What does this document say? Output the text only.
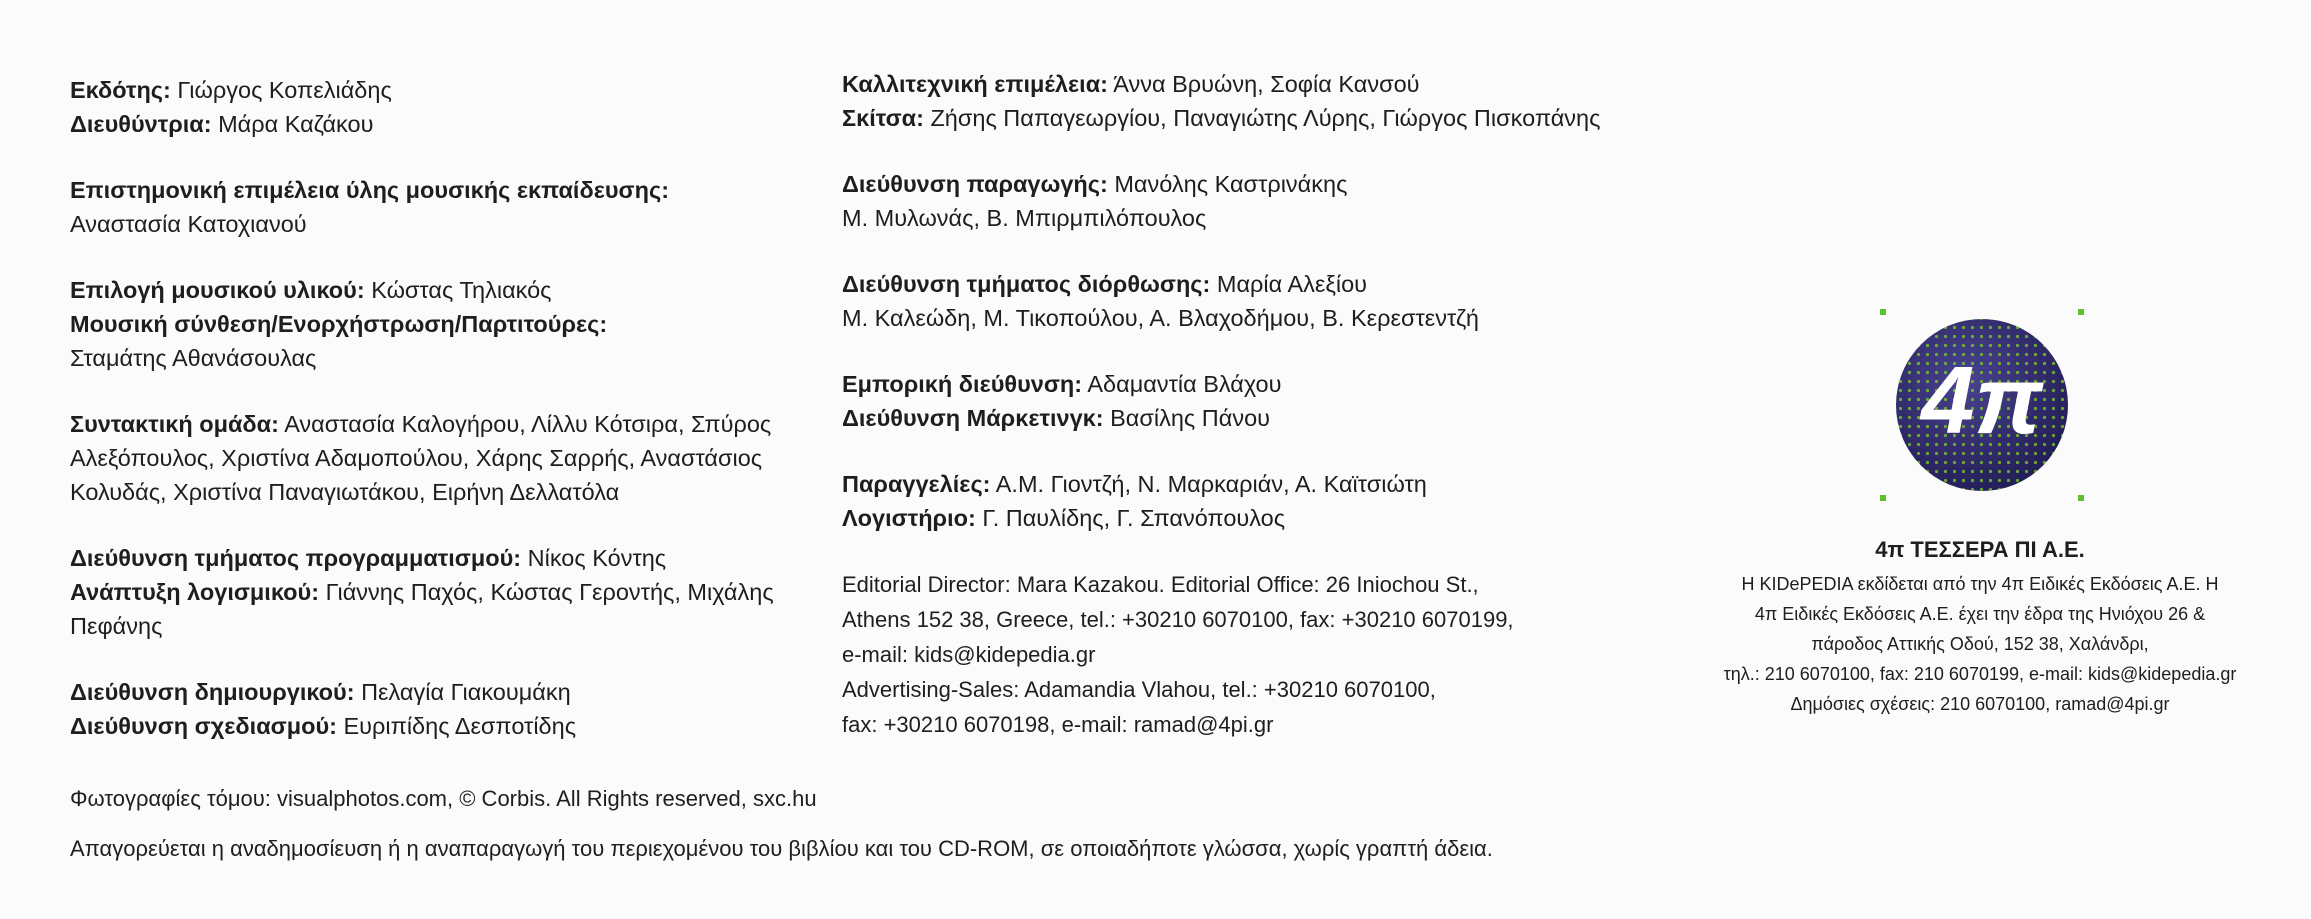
Εκδότης: Γιώργος Κοπελιάδης
Διευθύντρια: Μάρα Καζάκου
Επιστημονική επιμέλεια ύλης μουσικής εκπαίδευσης:
Αναστασία Κατοχιανού
Επιλογή μουσικού υλικού: Κώστας Τηλιακός
Μουσική σύνθεση/Ενορχήστρωση/Παρτιτούρες:
Σταμάτης Αθανάσουλας
Συντακτική ομάδα: Αναστασία Καλογήρου, Λίλλυ Κότσιρα, Σπύρος
Αλεξόπουλος, Χριστίνα Αδαμοπούλου, Χάρης Σαρρής, Αναστάσιος
Κολυδάς, Χριστίνα Παναγιωτάκου, Ειρήνη Δελλατόλα
Διεύθυνση τμήματος προγραμματισμού: Νίκος Κόντης
Ανάπτυξη λογισμικού: Γιάννης Παχός, Κώστας Γεροντής, Μιχάλης
Πεφάνης
Διεύθυνση δημιουργικού: Πελαγία Γιακουμάκη
Διεύθυνση σχεδιασμού: Ευριπίδης Δεσποτίδης
Καλλιτεχνική επιμέλεια: Άννα Βρυώνη, Σοφία Κανσού
Σκίτσα: Ζήσης Παπαγεωργίου, Παναγιώτης Λύρης, Γιώργος Πισκοπάνης
Διεύθυνση παραγωγής: Μανόλης Καστρινάκης
Μ. Μυλωνάς, Β. Μπιρμπιλόπουλος
Διεύθυνση τμήματος διόρθωσης: Μαρία Αλεξίου
Μ. Καλεώδη, Μ. Τικοπούλου, Α. Βλαχοδήμου, Β. Κερεστεντζή
Εμπορική διεύθυνση: Αδαμαντία Βλάχου
Διεύθυνση Μάρκετινγκ: Βασίλης Πάνου
Παραγγελίες: Α.Μ. Γιοντζή, Ν. Μαρκαριάν, Α. Καϊτσιώτη
Λογιστήριο: Γ. Παυλίδης, Γ. Σπανόπουλος
Editorial Director: Mara Kazakou. Editorial Office: 26 Iniochou St.,
Athens 152 38, Greece, tel.: +30210 6070100, fax: +30210 6070199,
e-mail: kids@kidepedia.gr
Advertising-Sales: Adamandia Vlahou, tel.: +30210 6070100,
fax: +30210 6070198, e-mail: ramad@4pi.gr
Φωτογραφίες τόμου: visualphotos.com, © Corbis. All Rights reserved, sxc.hu
Απαγορεύεται η αναδημοσίευση ή η αναπαραγωγή του περιεχομένου του βιβλίου και του CD-ROM, σε οποιαδήποτε γλώσσα, χωρίς γραπτή άδεια.
4π
4π ΤΕΣΣΕΡΑ ΠΙ Α.Ε.
Η KIDePEDIA εκδίδεται από την 4π Ειδικές Εκδόσεις Α.Ε. Η
4π Ειδικές Εκδόσεις Α.Ε. έχει την έδρα της Ηνιόχου 26 &
πάροδος Αττικής Οδού, 152 38, Χαλάνδρι,
τηλ.: 210 6070100, fax: 210 6070199, e-mail: kids@kidepedia.gr
Δημόσιες σχέσεις: 210 6070100, ramad@4pi.gr
